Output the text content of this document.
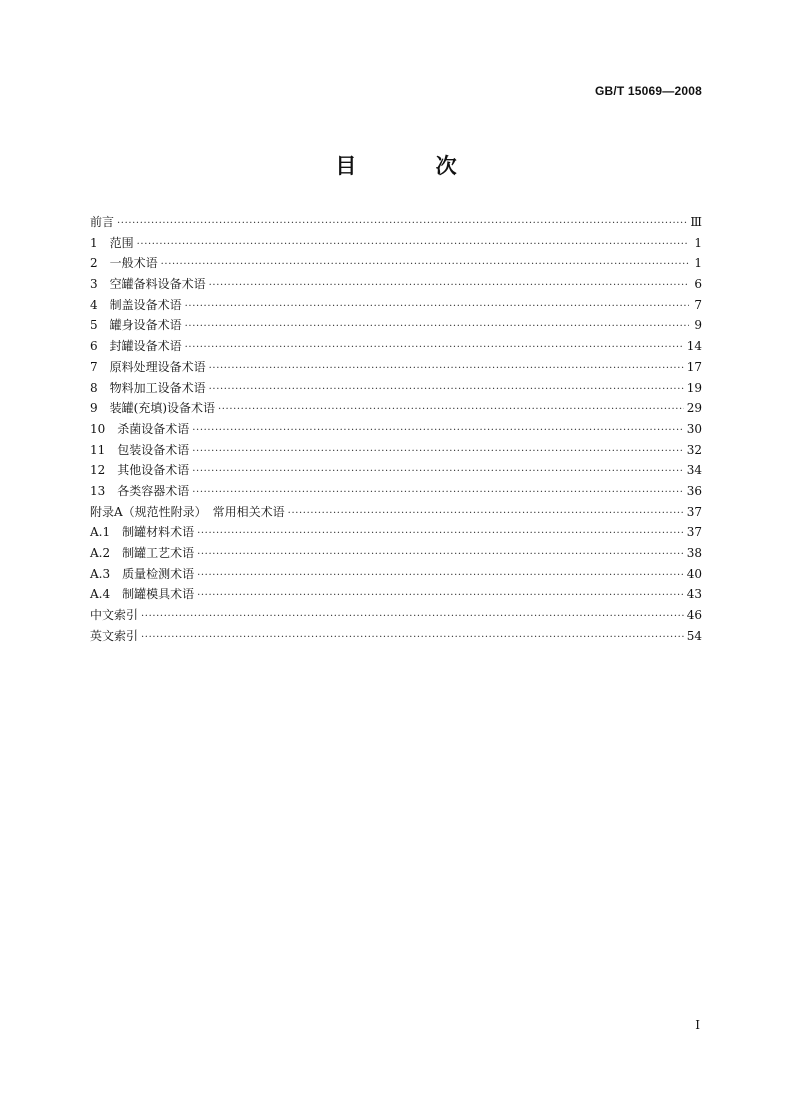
GB/T 15069—2008
目 次
前言 ·····	Ⅲ
1　范围 ·····	1
2　一般术语 ·····	1
3　空罐备料设备术语 ·····	6
4　制盖设备术语 ·····	7
5　罐身设备术语 ·····	9
6　封罐设备术语 ·····	14
7　原料处理设备术语 ·····	17
8　物料加工设备术语 ·····	19
9　装罐(充填)设备术语 ·····	29
10　杀菌设备术语 ·····	30
11　包装设备术语 ·····	32
12　其他设备术语 ·····	34
13　各类容器术语 ·····	36
附录A（规范性附录）　常用相关术语 ·····	37
A.1　制罐材料术语 ·····	37
A.2　制罐工艺术语 ·····	38
A.3　质量检测术语 ·····	40
A.4　制罐模具术语 ·····	43
中文索引 ·····	46
英文索引 ·····	54
I
